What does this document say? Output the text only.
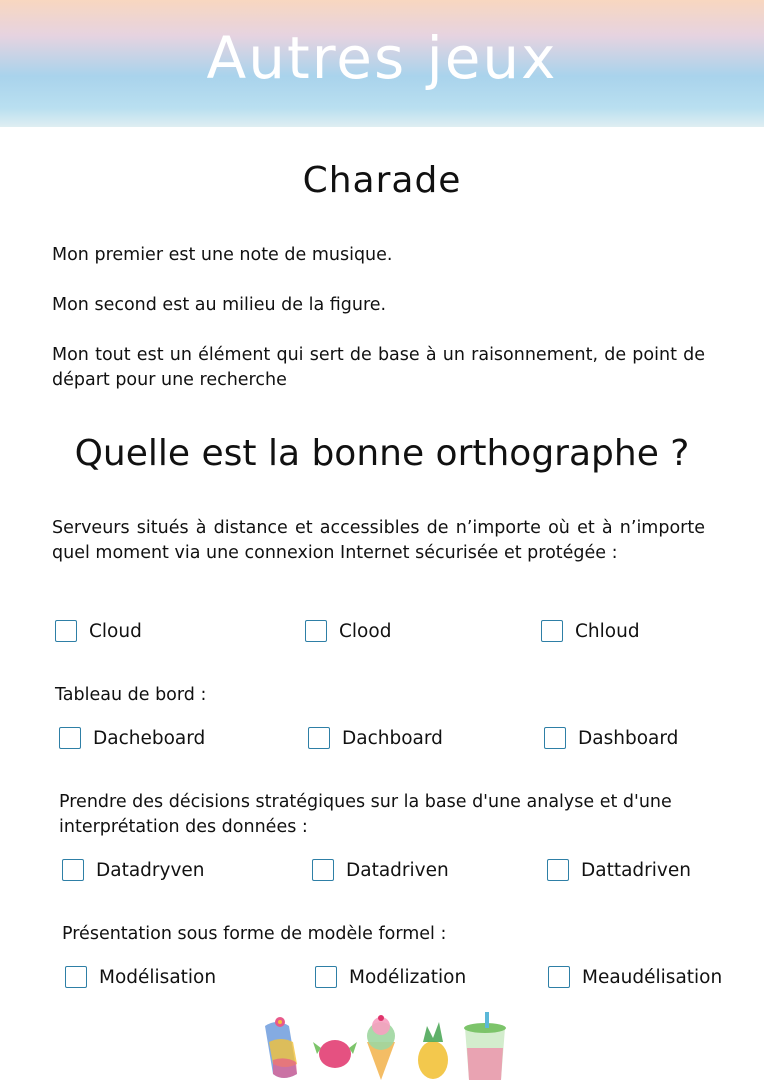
Autres jeux
Charade

Mon premier est une note de musique.

Mon second est au milieu de la figure.

Mon tout est un élément qui sert de base à un raisonnement, de point de départ pour une recherche

Quelle est la bonne orthographe ?

Serveurs situés à distance et accessibles de n’importe où et à n’importe quel moment via une connexion Internet sécurisée et protégée :

Cloud	Clood	Chloud

Tableau de bord :

Dacheboard	Dachboard	Dashboard

Prendre des décisions stratégiques sur la base d'une analyse et d'une interprétation des données :

Datadryven	Datadriven	Dattadriven

Présentation sous forme de modèle formel :

Modélisation	Modélization	Meaudélisation
